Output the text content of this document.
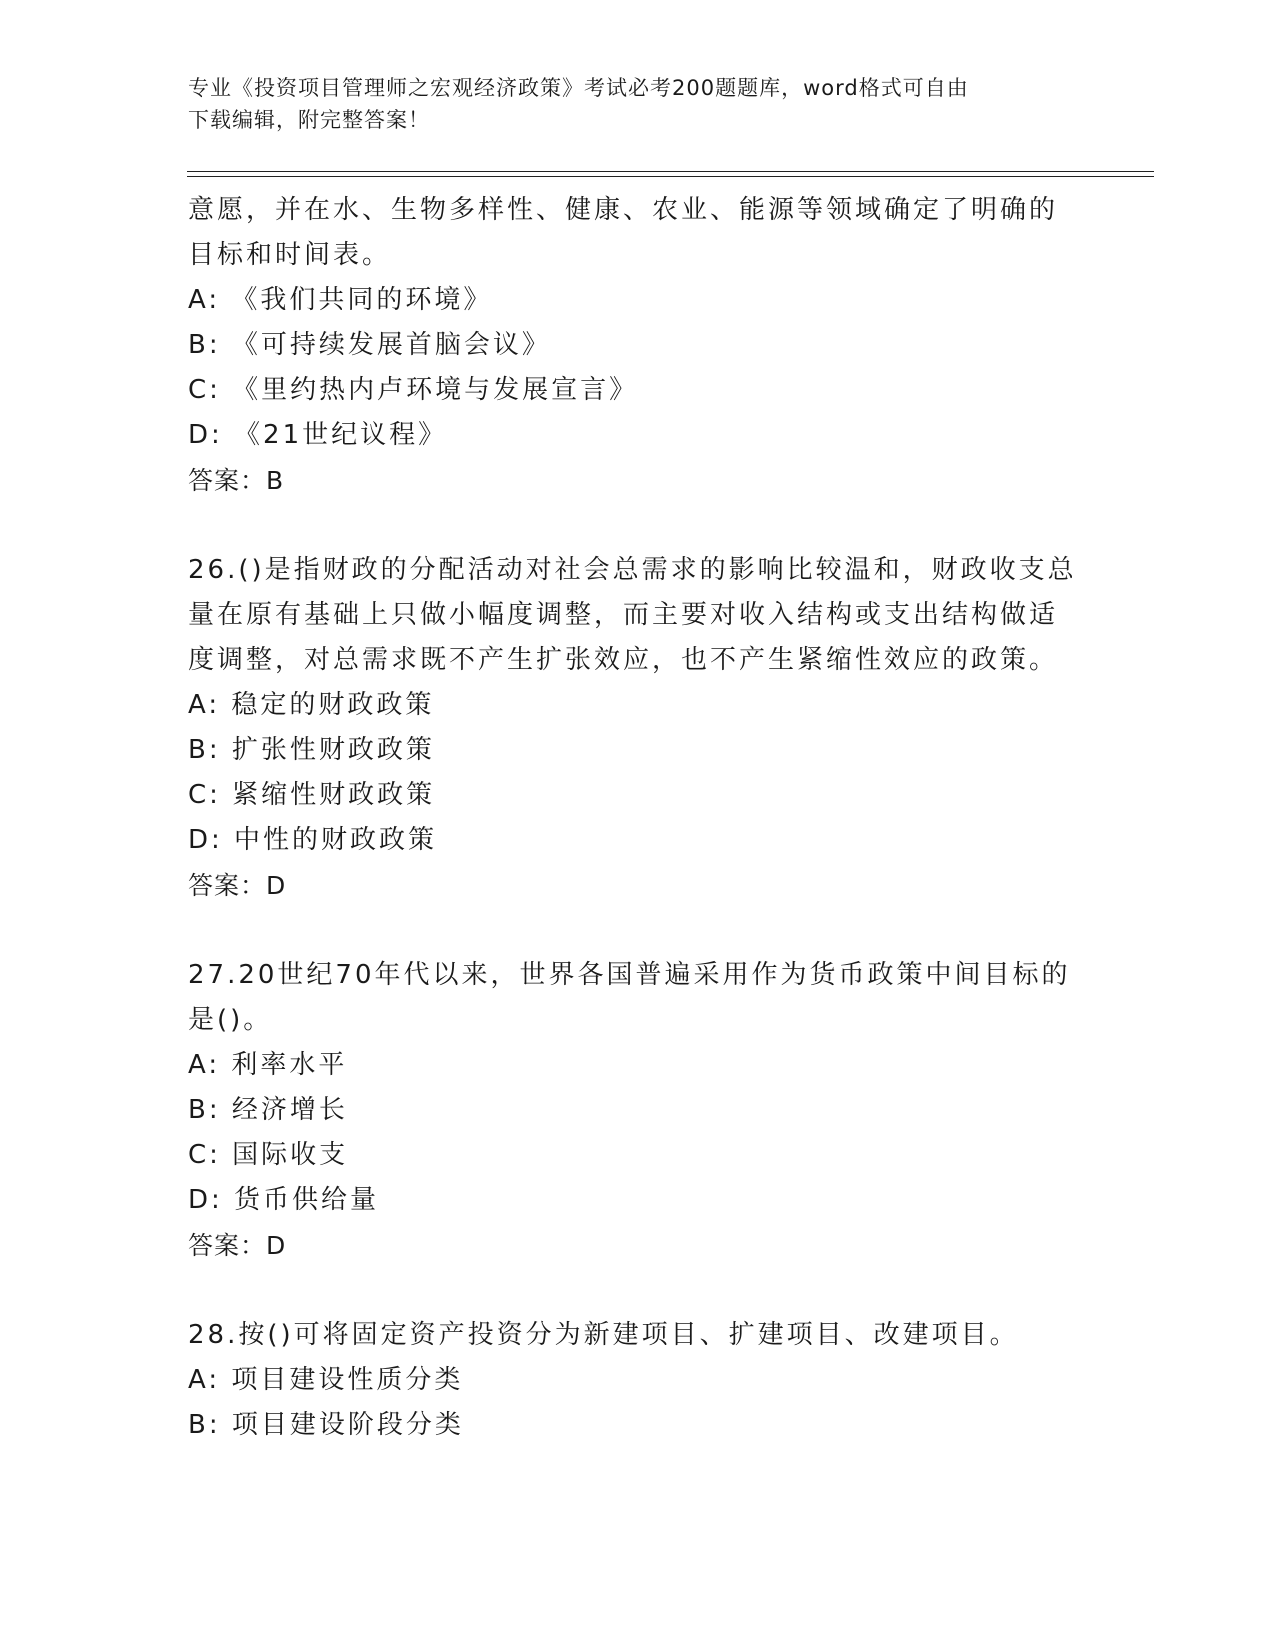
专业《投资项目管理师之宏观经济政策》考试必考200题题库，word格式可自由
下载编辑，附完整答案！
意愿，并在水、生物多样性、健康、农业、能源等领域确定了明确的
目标和时间表。
A: 《我们共同的环境》
B: 《可持续发展首脑会议》
C: 《里约热内卢环境与发展宣言》
D: 《21世纪议程》
答案：B
26.()是指财政的分配活动对社会总需求的影响比较温和，财政收支总
量在原有基础上只做小幅度调整，而主要对收入结构或支出结构做适
度调整，对总需求既不产生扩张效应，也不产生紧缩性效应的政策。
A: 稳定的财政政策
B: 扩张性财政政策
C: 紧缩性财政政策
D: 中性的财政政策
答案：D
27.20世纪70年代以来，世界各国普遍采用作为货币政策中间目标的
是()。
A: 利率水平
B: 经济增长
C: 国际收支
D: 货币供给量
答案：D
28.按()可将固定资产投资分为新建项目、扩建项目、改建项目。
A: 项目建设性质分类
B: 项目建设阶段分类
